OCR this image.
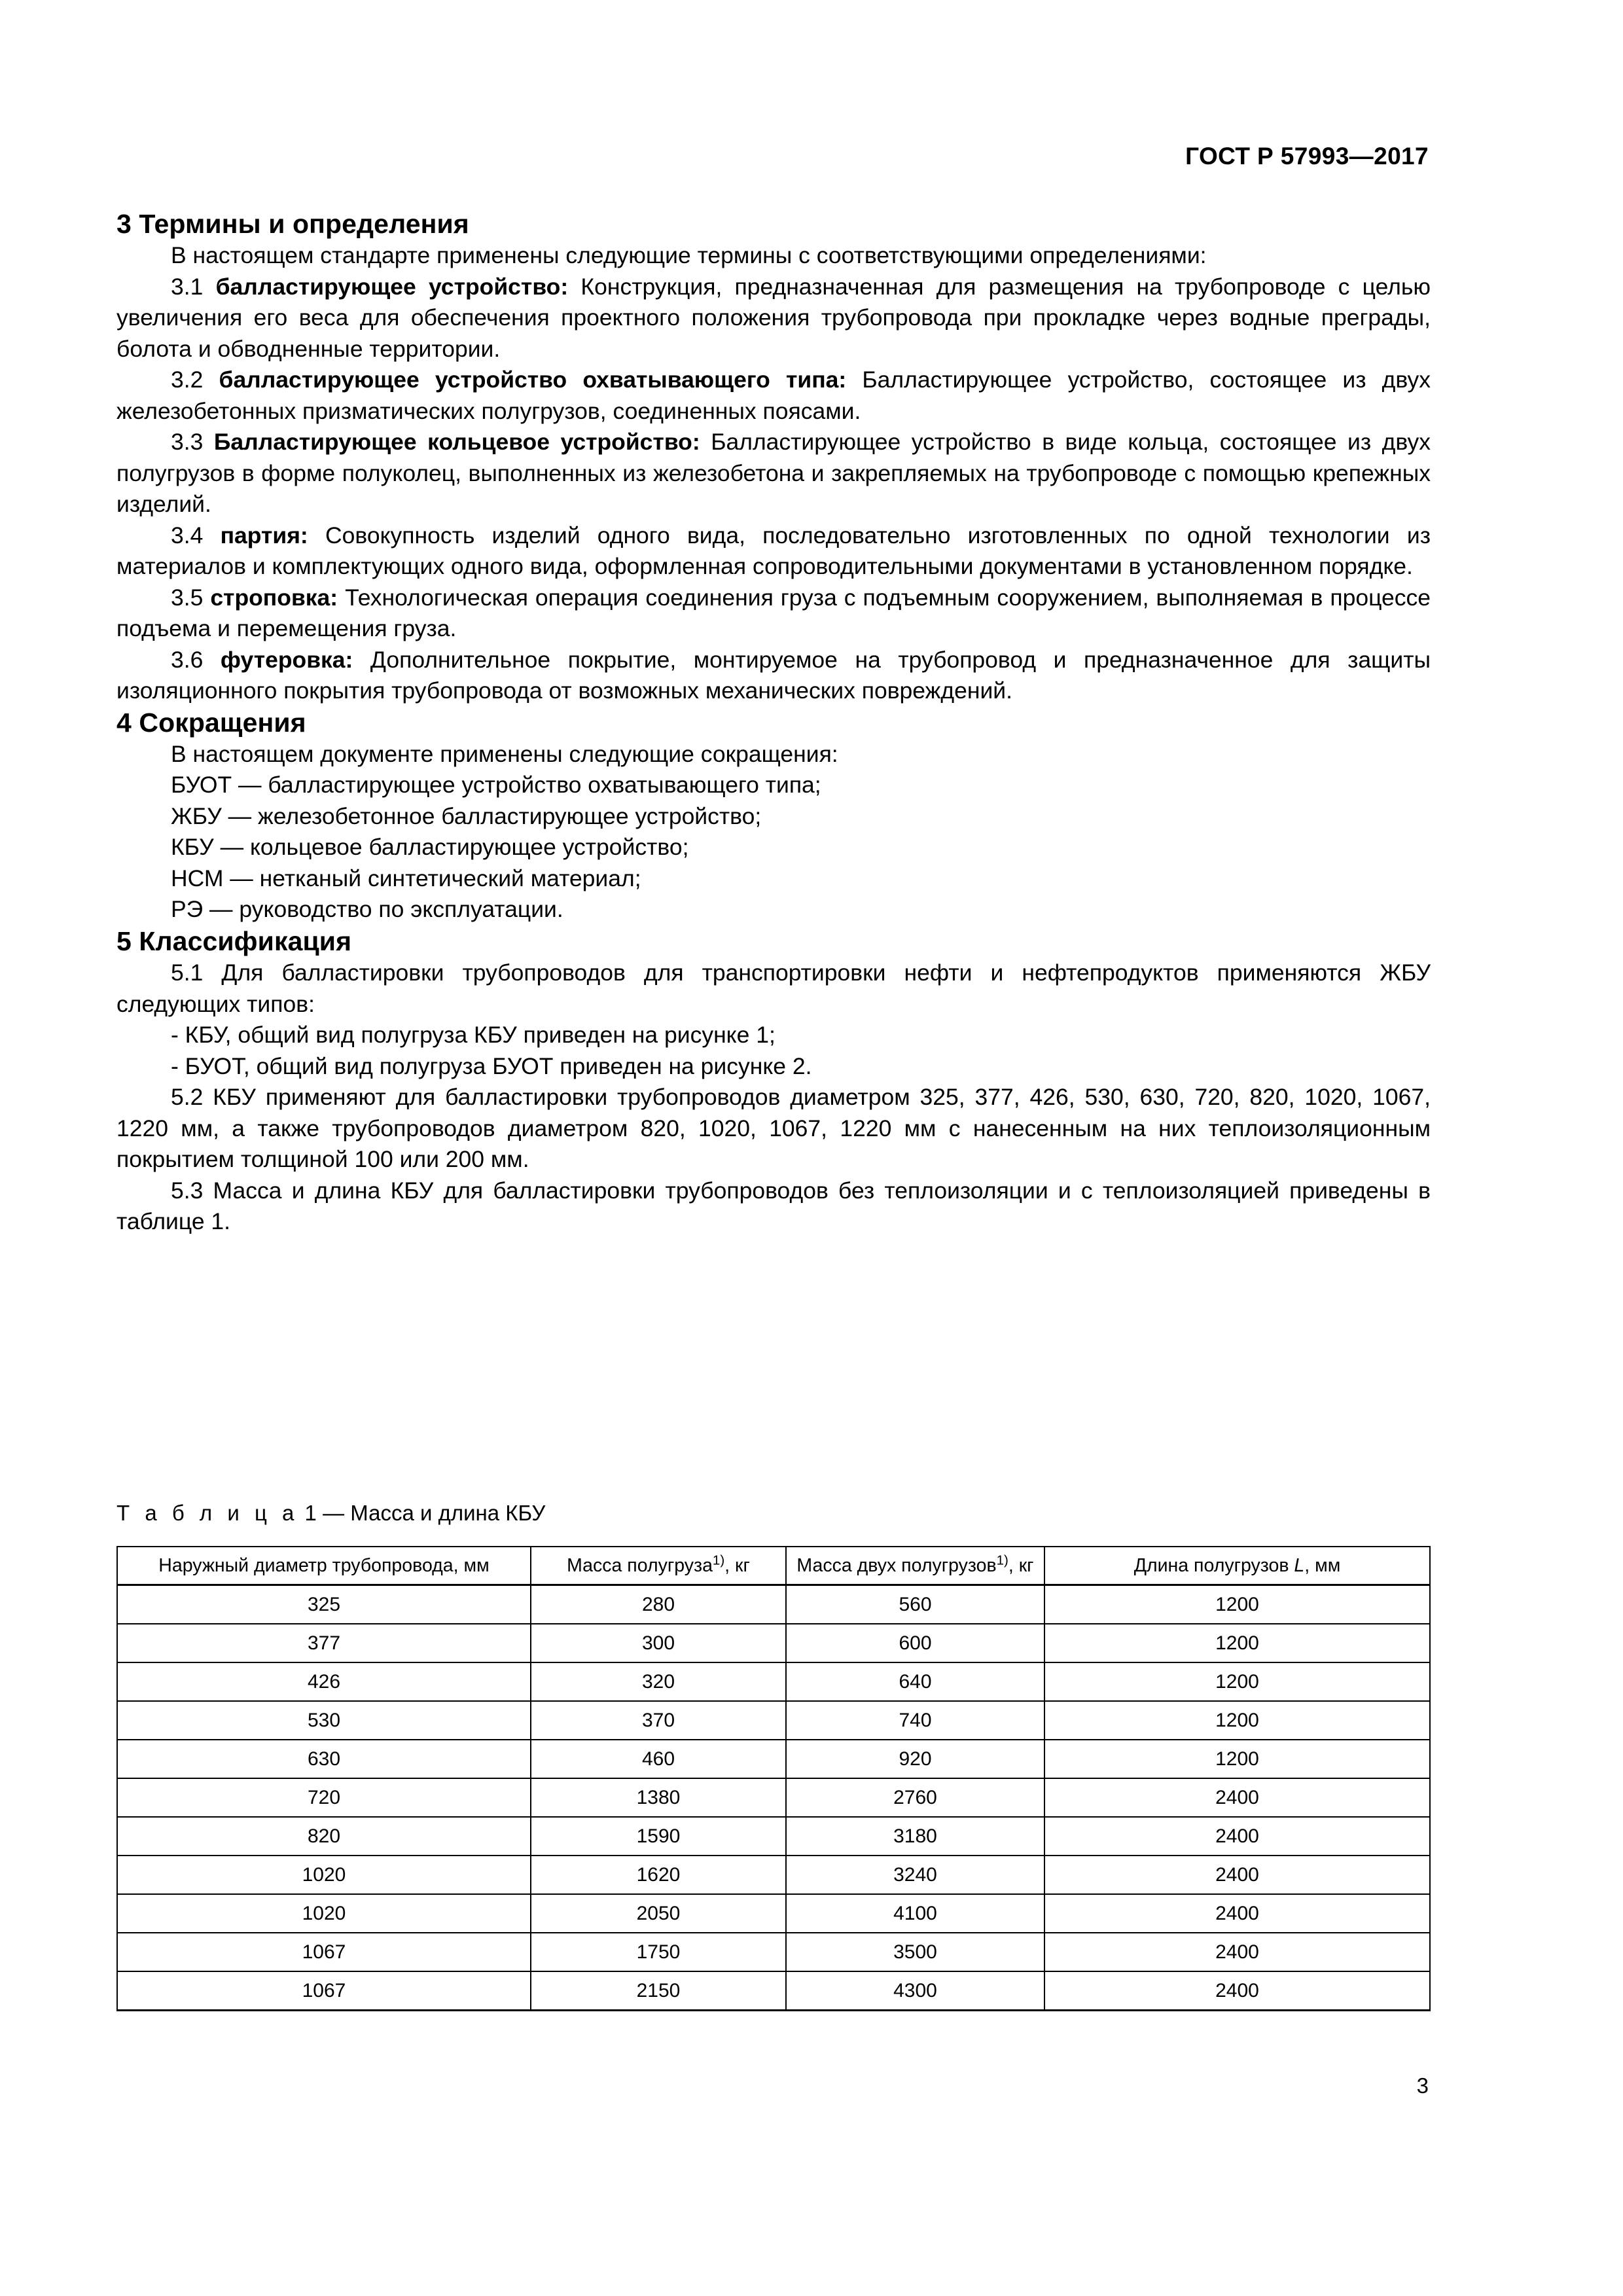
ГОСТ Р 57993—2017
3 Термины и определения

В настоящем стандарте применены следующие термины с соответствующими определениями:

3.1 балластирующее устройство: Конструкция, предназначенная для размещения на трубопроводе с целью увеличения его веса для обеспечения проектного положения трубопровода при прокладке через водные преграды, болота и обводненные территории.

3.2 балластирующее устройство охватывающего типа: Балластирующее устройство, состоящее из двух железобетонных призматических полугрузов, соединенных поясами.

3.3 Балластирующее кольцевое устройство: Балластирующее устройство в виде кольца, состоящее из двух полугрузов в форме полуколец, выполненных из железобетона и закрепляемых на трубопроводе с помощью крепежных изделий.

3.4 партия: Совокупность изделий одного вида, последовательно изготовленных по одной технологии из материалов и комплектующих одного вида, оформленная сопроводительными документами в установленном порядке.

3.5 строповка: Технологическая операция соединения груза с подъемным сооружением, выполняемая в процессе подъема и перемещения груза.

3.6 футеровка: Дополнительное покрытие, монтируемое на трубопровод и предназначенное для защиты изоляционного покрытия трубопровода от возможных механических повреждений.

4 Сокращения

В настоящем документе применены следующие сокращения:

БУОТ — балластирующее устройство охватывающего типа;

ЖБУ — железобетонное балластирующее устройство;

КБУ — кольцевое балластирующее устройство;

НСМ — нетканый синтетический материал;

РЭ — руководство по эксплуатации.

5 Классификация

5.1 Для балластировки трубопроводов для транспортировки нефти и нефтепродуктов применяются ЖБУ следующих типов:

- КБУ, общий вид полугруза КБУ приведен на рисунке 1;

- БУОТ, общий вид полугруза БУОТ приведен на рисунке 2.

5.2 КБУ применяют для балластировки трубопроводов диаметром 325, 377, 426, 530, 630, 720, 820, 1020, 1067, 1220 мм, а также трубопроводов диаметром 820, 1020, 1067, 1220 мм с нанесенным на них теплоизоляционным покрытием толщиной 100 или 200 мм.

5.3 Масса и длина КБУ для балластировки трубопроводов без теплоизоляции и с теплоизоляцией приведены в таблице 1.

Т а б л и ц а 1 — Масса и длина КБУ
Наружный диаметр трубопровода, мм	Масса полугруза$^{1)}$, кг	Масса двух полугрузов$^{1)}$, кг	Длина полугрузов L, мм
325	280	560	1200
377	300	600	1200
426	320	640	1200
530	370	740	1200
630	460	920	1200
720	1380	2760	2400
820	1590	3180	2400
1020	1620	3240	2400
1020	2050	4100	2400
1067	1750	3500	2400
1067	2150	4300	2400
3
